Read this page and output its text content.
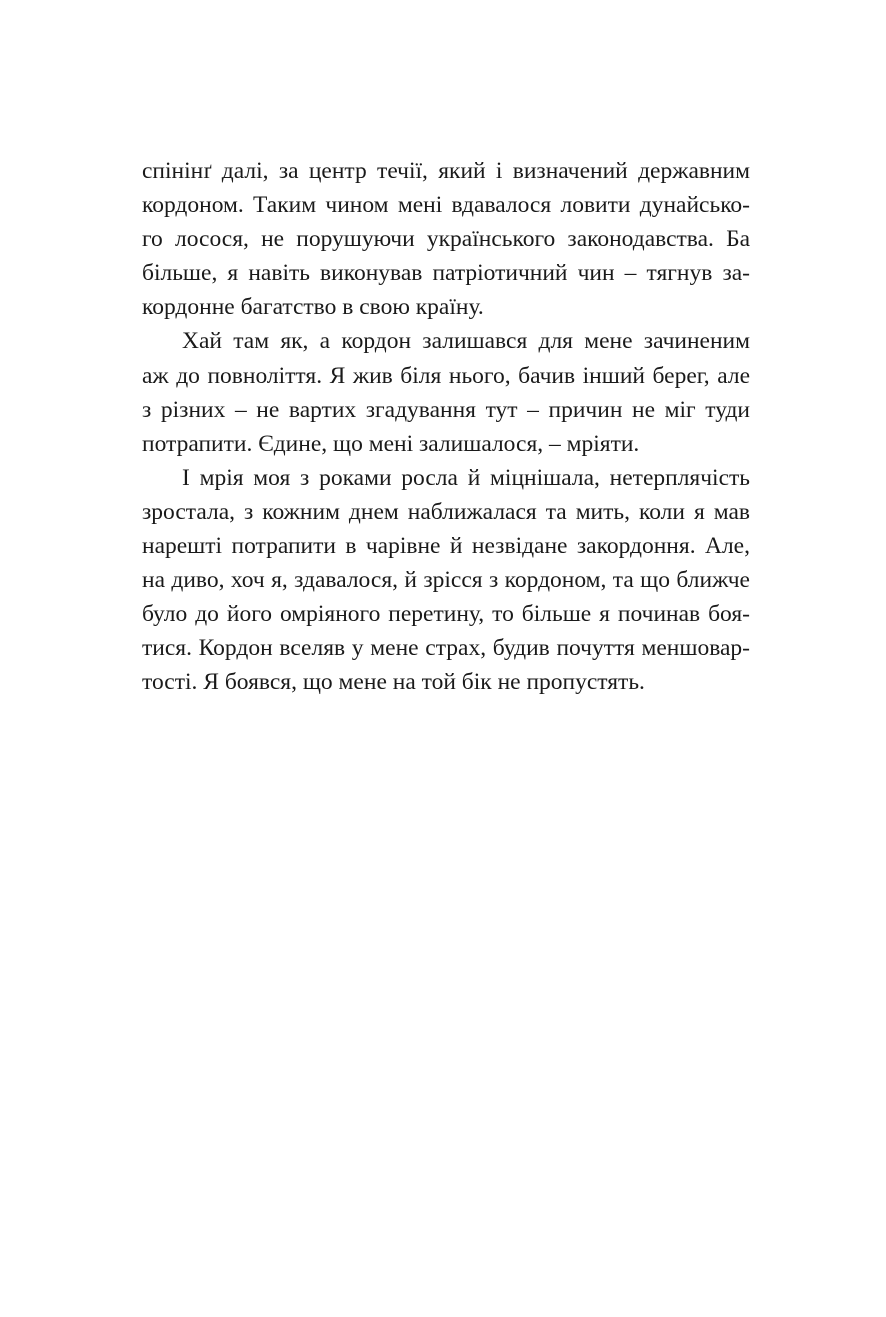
спінінґ далі, за центр течії, який і визначений державним
кордоном. Таким чином мені вдавалося ловити дунайсько-
го лосося, не порушуючи українського законодавства. Ба
більше, я навіть виконував патріотичний чин – тягнув за-
кордонне багатство в свою країну.
Хай там як, а кордон залишався для мене зачиненим
аж до повноліття. Я жив біля нього, бачив інший берег, але
з різних – не вартих згадування тут – причин не міг туди
потрапити. Єдине, що мені залишалося, – мріяти.
І мрія моя з роками росла й міцнішала, нетерплячість
зростала, з кожним днем наближалася та мить, коли я мав
нарешті потрапити в чарівне й незвідане закордоння. Але,
на диво, хоч я, здавалося, й зрісся з кордоном, та що ближче
було до його омріяного перетину, то більше я починав боя-
тися. Кордон вселяв у мене страх, будив почуття меншовар-
тості. Я боявся, що мене на той бік не пропустять.
